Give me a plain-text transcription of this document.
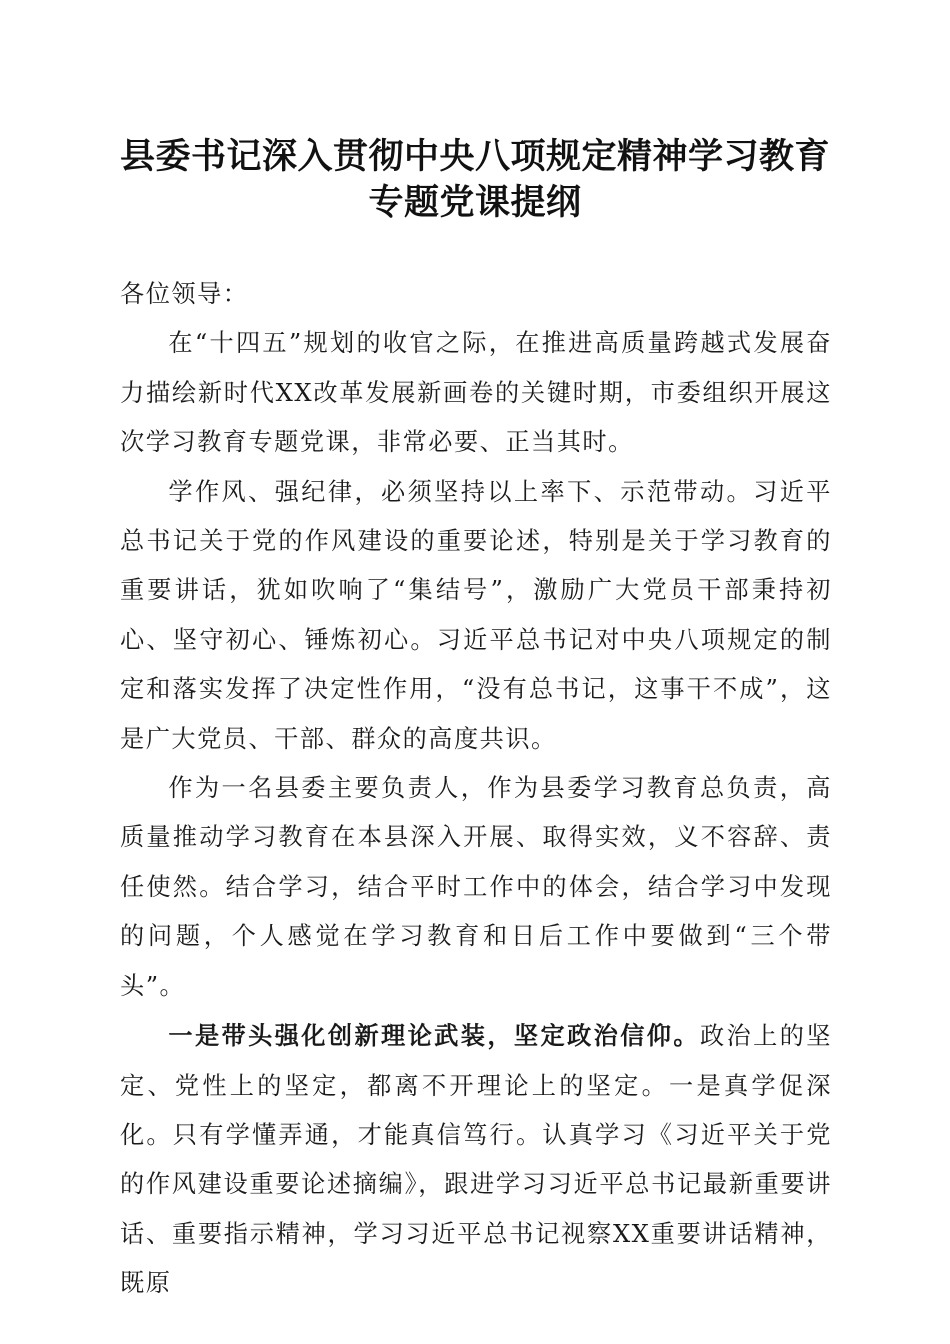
县委书记深入贯彻中央八项规定精神学习教育
专题党课提纲

各位领导：

在“十四五”规划的收官之际，在推进高质量跨越式发展奋力描绘新时代XX改革发展新画卷的关键时期，市委组织开展这次学习教育专题党课，非常必要、正当其时。

学作风、强纪律，必须坚持以上率下、示范带动。习近平总书记关于党的作风建设的重要论述，特别是关于学习教育的重要讲话，犹如吹响了“集结号”，激励广大党员干部秉持初心、坚守初心、锤炼初心。习近平总书记对中央八项规定的制定和落实发挥了决定性作用，“没有总书记，这事干不成”，这是广大党员、干部、群众的高度共识。

作为一名县委主要负责人，作为县委学习教育总负责，高质量推动学习教育在本县深入开展、取得实效，义不容辞、责任使然。结合学习，结合平时工作中的体会，结合学习中发现的问题，个人感觉在学习教育和日后工作中要做到“三个带头”。

一是带头强化创新理论武装，坚定政治信仰。政治上的坚定、党性上的坚定，都离不开理论上的坚定。一是真学促深化。只有学懂弄通，才能真信笃行。认真学习《习近平关于党的作风建设重要论述摘编》，跟进学习习近平总书记最新重要讲话、重要指示精神，学习习近平总书记视察XX重要讲话精神，既原
